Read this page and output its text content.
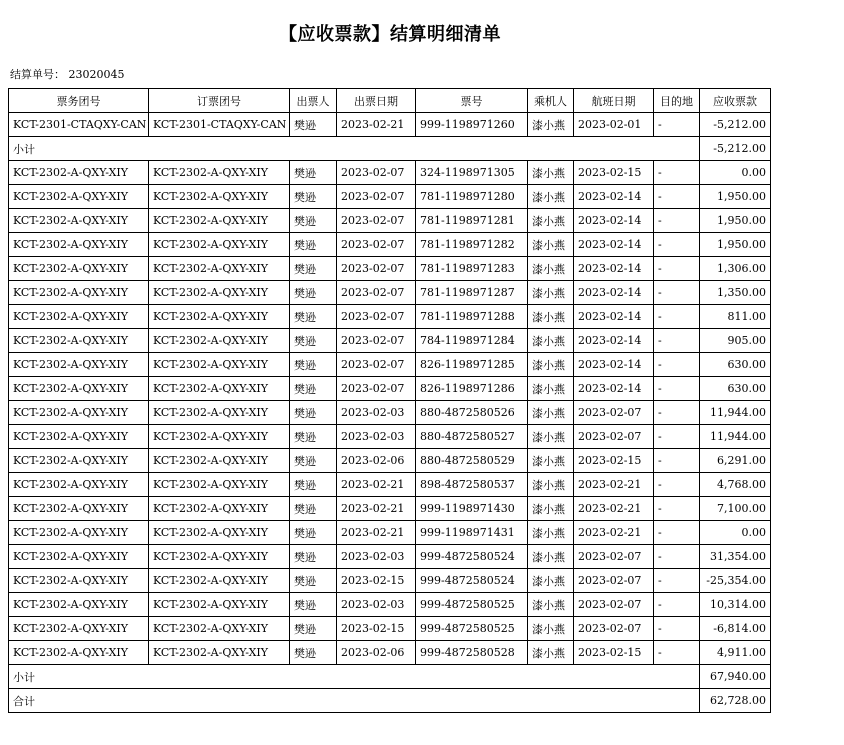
【应收票款】结算明细清单
结算单号： 23020045
票务团号	订票团号	出票人	出票日期	票号	乘机人	航班日期	目的地	应收票款
KCT-2301-CTAQXY-CAN	KCT-2301-CTAQXY-CAN	樊逊	2023-02-21	999-1198971260	漆小燕	2023-02-01	-	-5,212.00
小计								-5,212.00
KCT-2302-A-QXY-XIY	KCT-2302-A-QXY-XIY	樊逊	2023-02-07	324-1198971305	漆小燕	2023-02-15	-	0.00
KCT-2302-A-QXY-XIY	KCT-2302-A-QXY-XIY	樊逊	2023-02-07	781-1198971280	漆小燕	2023-02-14	-	1,950.00
KCT-2302-A-QXY-XIY	KCT-2302-A-QXY-XIY	樊逊	2023-02-07	781-1198971281	漆小燕	2023-02-14	-	1,950.00
KCT-2302-A-QXY-XIY	KCT-2302-A-QXY-XIY	樊逊	2023-02-07	781-1198971282	漆小燕	2023-02-14	-	1,950.00
KCT-2302-A-QXY-XIY	KCT-2302-A-QXY-XIY	樊逊	2023-02-07	781-1198971283	漆小燕	2023-02-14	-	1,306.00
KCT-2302-A-QXY-XIY	KCT-2302-A-QXY-XIY	樊逊	2023-02-07	781-1198971287	漆小燕	2023-02-14	-	1,350.00
KCT-2302-A-QXY-XIY	KCT-2302-A-QXY-XIY	樊逊	2023-02-07	781-1198971288	漆小燕	2023-02-14	-	811.00
KCT-2302-A-QXY-XIY	KCT-2302-A-QXY-XIY	樊逊	2023-02-07	784-1198971284	漆小燕	2023-02-14	-	905.00
KCT-2302-A-QXY-XIY	KCT-2302-A-QXY-XIY	樊逊	2023-02-07	826-1198971285	漆小燕	2023-02-14	-	630.00
KCT-2302-A-QXY-XIY	KCT-2302-A-QXY-XIY	樊逊	2023-02-07	826-1198971286	漆小燕	2023-02-14	-	630.00
KCT-2302-A-QXY-XIY	KCT-2302-A-QXY-XIY	樊逊	2023-02-03	880-4872580526	漆小燕	2023-02-07	-	11,944.00
KCT-2302-A-QXY-XIY	KCT-2302-A-QXY-XIY	樊逊	2023-02-03	880-4872580527	漆小燕	2023-02-07	-	11,944.00
KCT-2302-A-QXY-XIY	KCT-2302-A-QXY-XIY	樊逊	2023-02-06	880-4872580529	漆小燕	2023-02-15	-	6,291.00
KCT-2302-A-QXY-XIY	KCT-2302-A-QXY-XIY	樊逊	2023-02-21	898-4872580537	漆小燕	2023-02-21	-	4,768.00
KCT-2302-A-QXY-XIY	KCT-2302-A-QXY-XIY	樊逊	2023-02-21	999-1198971430	漆小燕	2023-02-21	-	7,100.00
KCT-2302-A-QXY-XIY	KCT-2302-A-QXY-XIY	樊逊	2023-02-21	999-1198971431	漆小燕	2023-02-21	-	0.00
KCT-2302-A-QXY-XIY	KCT-2302-A-QXY-XIY	樊逊	2023-02-03	999-4872580524	漆小燕	2023-02-07	-	31,354.00
KCT-2302-A-QXY-XIY	KCT-2302-A-QXY-XIY	樊逊	2023-02-15	999-4872580524	漆小燕	2023-02-07	-	-25,354.00
KCT-2302-A-QXY-XIY	KCT-2302-A-QXY-XIY	樊逊	2023-02-03	999-4872580525	漆小燕	2023-02-07	-	10,314.00
KCT-2302-A-QXY-XIY	KCT-2302-A-QXY-XIY	樊逊	2023-02-15	999-4872580525	漆小燕	2023-02-07	-	-6,814.00
KCT-2302-A-QXY-XIY	KCT-2302-A-QXY-XIY	樊逊	2023-02-06	999-4872580528	漆小燕	2023-02-15	-	4,911.00
小计								67,940.00
合计								62,728.00
